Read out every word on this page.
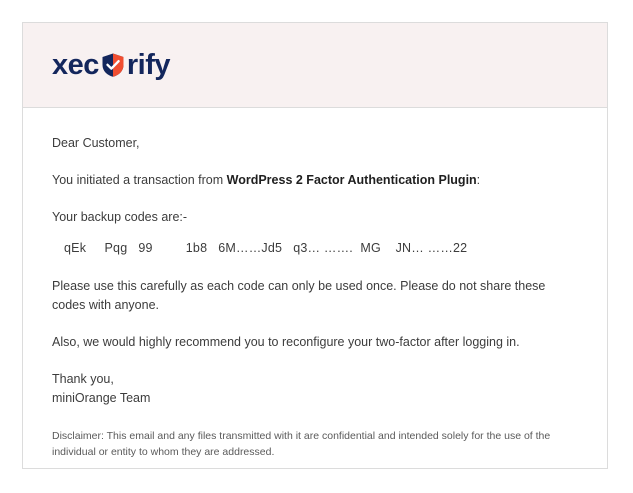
xec rify

Dear Customer,

You initiated a transaction from WordPress 2 Factor Authentication Plugin:

Your backup codes are:-

qEk
Pqg
99
	1b8
6M……Jd5
q3… …….
MG
JN… ……22

Please use this carefully as each code can only be used once. Please do not share these codes with anyone.

Also, we would highly recommend you to reconfigure your two-factor after logging in.

Thank you,
miniOrange Team

Disclaimer: This email and any files transmitted with it are confidential and intended solely for the use of the individual or entity to whom they are addressed.
